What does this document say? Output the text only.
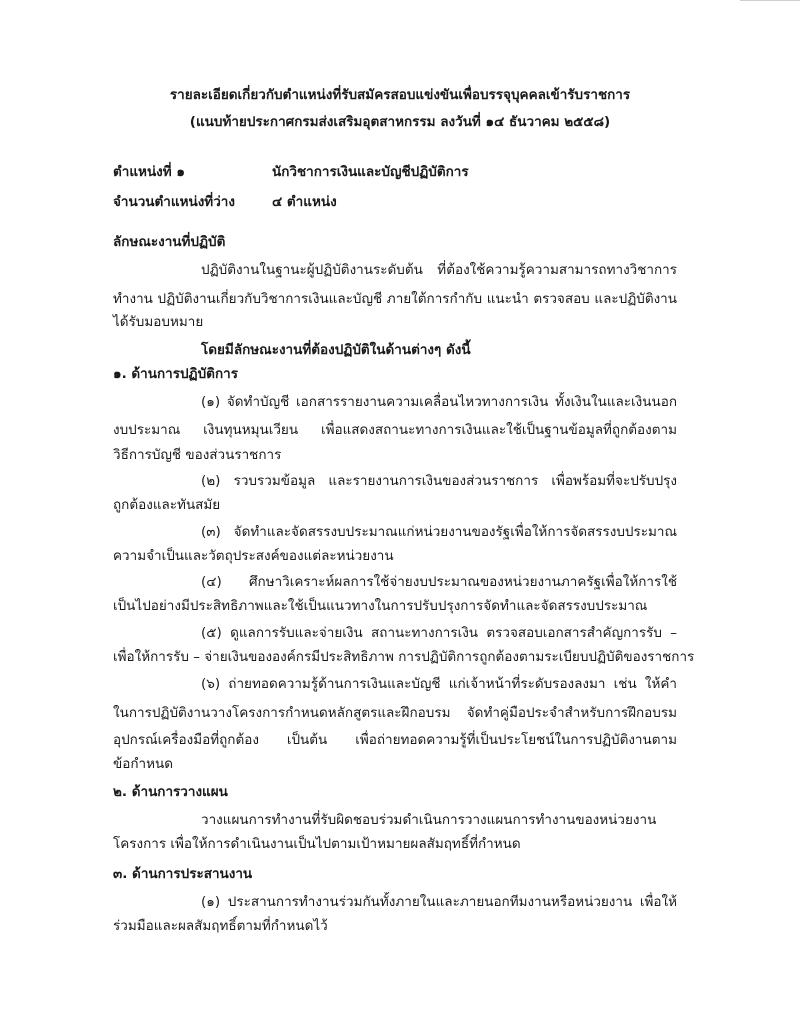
รายละเอียดเกี่ยวกับตำแหน่งที่รับสมัครสอบแข่งขันเพื่อบรรจุบุคคลเข้ารับราชการ
(แนบท้ายประกาศกรมส่งเสริมอุตสาหกรรม ลงวันที่ ๑๔ ธันวาคม ๒๕๕๘)
ตำแหน่งที่ ๑	นักวิชาการเงินและบัญชีปฏิบัติการ
จำนวนตำแหน่งที่ว่าง	๔ ตำแหน่ง
ลักษณะงานที่ปฏิบัติ
ปฏิบัติงานในฐานะผู้ปฏิบัติงานระดับต้น ที่ต้องใช้ความรู้ความสามารถทางวิชาการ
ทำงาน ปฏิบัติงานเกี่ยวกับวิชาการเงินและบัญชี ภายใต้การกำกับ แนะนำ ตรวจสอบ และปฏิบัติงาน
ได้รับมอบหมาย
โดยมีลักษณะงานที่ต้องปฏิบัติในด้านต่างๆ ดังนี้
๑. ด้านการปฏิบัติการ
(๑) จัดทำบัญชี เอกสารรายงานความเคลื่อนไหวทางการเงิน ทั้งเงินในและเงินนอก
งบประมาณ เงินทุนหมุนเวียน เพื่อแสดงสถานะทางการเงินและใช้เป็นฐานข้อมูลที่ถูกต้องตาม
วิธีการบัญชี ของส่วนราชการ
(๒) รวบรวมข้อมูล และรายงานการเงินของส่วนราชการ เพื่อพร้อมที่จะปรับปรุง
ถูกต้องและทันสมัย
(๓) จัดทำและจัดสรรงบประมาณแก่หน่วยงานของรัฐเพื่อให้การจัดสรรงบประมาณ
ความจำเป็นและวัตถุประสงค์ของแต่ละหน่วยงาน
(๔) ศึกษาวิเคราะห์ผลการใช้จ่ายงบประมาณของหน่วยงานภาครัฐเพื่อให้การใช้
เป็นไปอย่างมีประสิทธิภาพและใช้เป็นแนวทางในการปรับปรุงการจัดทำและจัดสรรงบประมาณ
(๕) ดูแลการรับและจ่ายเงิน สถานะทางการเงิน ตรวจสอบเอกสารสำคัญการรับ –
เพื่อให้การรับ – จ่ายเงินขององค์กรมีประสิทธิภาพ การปฏิบัติการถูกต้องตามระเบียบปฏิบัติของราชการ
(๖) ถ่ายทอดความรู้ด้านการเงินและบัญชี แก่เจ้าหน้าที่ระดับรองลงมา เช่น ให้คำ
ในการปฏิบัติงานวางโครงการกำหนดหลักสูตรและฝึกอบรม จัดทำคู่มือประจำสำหรับการฝึกอบรม
อุปกรณ์เครื่องมือที่ถูกต้อง เป็นต้น เพื่อถ่ายทอดความรู้ที่เป็นประโยชน์ในการปฏิบัติงานตาม
ข้อกำหนด
๒. ด้านการวางแผน
วางแผนการทำงานที่รับผิดชอบร่วมดำเนินการวางแผนการทำงานของหน่วยงาน
โครงการ เพื่อให้การดำเนินงานเป็นไปตามเป้าหมายผลสัมฤทธิ์ที่กำหนด
๓. ด้านการประสานงาน
(๑) ประสานการทำงานร่วมกันทั้งภายในและภายนอกทีมงานหรือหน่วยงาน เพื่อให้
ร่วมมือและผลสัมฤทธิ์ตามที่กำหนดไว้
